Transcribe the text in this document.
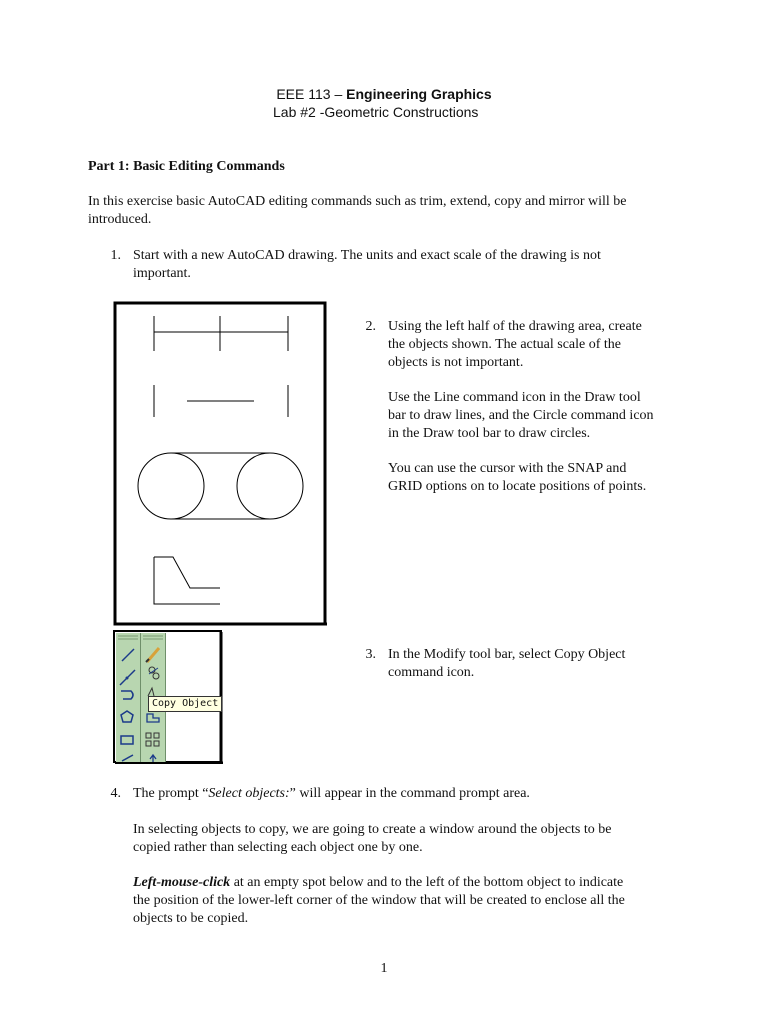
EEE 113 – Engineering Graphics
Lab #2 -Geometric Constructions
Part 1: Basic Editing Commands
In this exercise basic AutoCAD editing commands such as trim, extend, copy and mirror will be
introduced.
1. Start with a new AutoCAD drawing. The units and exact scale of the drawing is not
important.
2. Using the left half of the drawing area, create
the objects shown. The actual scale of the
objects is not important.
Use the Line command icon in the Draw tool
bar to draw lines, and the Circle command icon
in the Draw tool bar to draw circles.
You can use the cursor with the SNAP and
GRID options on to locate positions of points.
Copy Object
3. In the Modify tool bar, select Copy Object
command icon.
4. The prompt “Select objects:” will appear in the command prompt area.
In selecting objects to copy, we are going to create a window around the objects to be
copied rather than selecting each object one by one.
Left-mouse-click at an empty spot below and to the left of the bottom object to indicate
the position of the lower-left corner of the window that will be created to enclose all the
objects to be copied.
1
